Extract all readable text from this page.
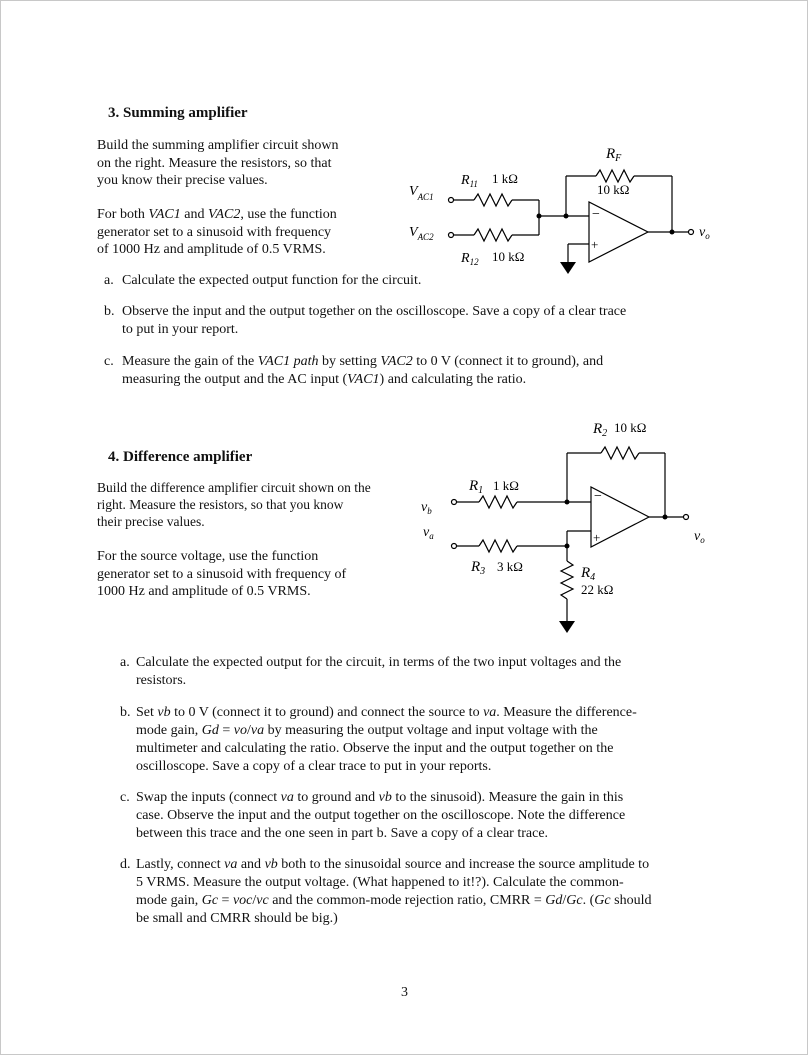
3. Summing amplifier
Build the summing amplifier circuit shown
on the right. Measure the resistors, so that
you know their precise values.
For both VAC1 and VAC2, use the function
generator set to a sinusoid with frequency
of 1000 Hz and amplitude of 0.5 VRMS.
−
+
$R_F$
10 kΩ
$R_{11}$ 1 kΩ
$R_{12}$ 10 kΩ
$V_{AC1}$
$V_{AC2}$	$v_o$
a. Calculate the expected output function for the circuit.
b. Observe the input and the output together on the oscilloscope. Save a copy of a clear trace
to put in your report.
c. Measure the gain of the VAC1 path by setting VAC2 to 0 V (connect it to ground), and
measuring the output and the AC input (VAC1) and calculating the ratio.
4. Difference amplifier
Build the difference amplifier circuit shown on the
right. Measure the resistors, so that you know
their precise values.
For the source voltage, use the function
generator set to a sinusoid with frequency of
1000 Hz and amplitude of 0.5 VRMS.
−
+
$R_2$ 10 kΩ
$R_1$ 1 kΩ
$R_3$ 3 kΩ	$R_4$
22 kΩ
$v_b$
$v_a$	$v_o$
a. Calculate the expected output for the circuit, in terms of the two input voltages and the
resistors.
b. Set vb to 0 V (connect it to ground) and connect the source to va. Measure the difference-
mode gain, Gd = vo/va by measuring the output voltage and input voltage with the
multimeter and calculating the ratio. Observe the input and the output together on the
oscilloscope. Save a copy of a clear trace to put in your reports.
c. Swap the inputs (connect va to ground and vb to the sinusoid). Measure the gain in this
case. Observe the input and the output together on the oscilloscope. Note the difference
between this trace and the one seen in part b. Save a copy of a clear trace.
d. Lastly, connect va and vb both to the sinusoidal source and increase the source amplitude to
5 VRMS. Measure the output voltage. (What happened to it!?). Calculate the common-
mode gain, Gc = voc/vc and the common-mode rejection ratio, CMRR = Gd/Gc. (Gc should
be small and CMRR should be big.)
3
